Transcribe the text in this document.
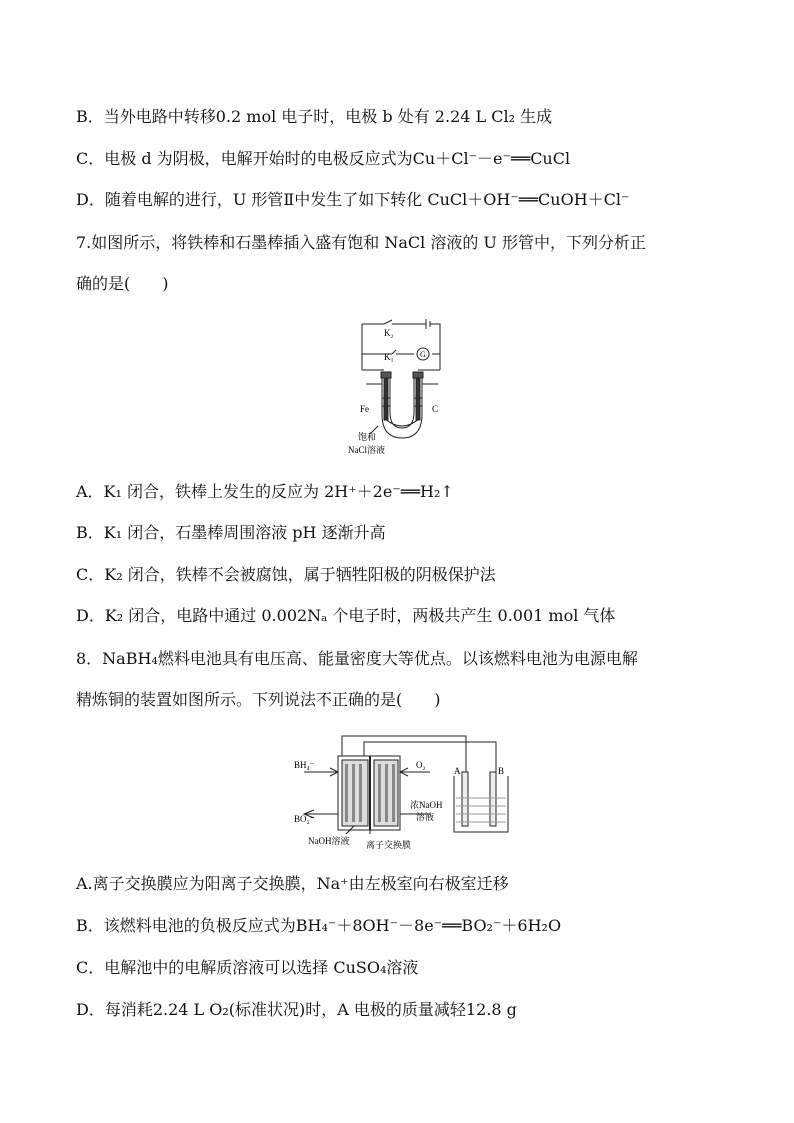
B．当外电路中转移0.2 mol 电子时，电极 b 处有 2.24 L Cl₂ 生成
C．电极 d 为阴极，电解开始时的电极反应式为Cu＋Cl⁻－e⁻══CuCl
D．随着电解的进行，U 形管Ⅱ中发生了如下转化 CuCl＋OH⁻══CuOH＋Cl⁻
7.如图所示，将铁棒和石墨棒插入盛有饱和 NaCl 溶液的 U 形管中，下列分析正
确的是(　　)
K₂
K₁	G
Fe	C
饱和
NaCl溶液
A．K₁ 闭合，铁棒上发生的反应为 2H⁺＋2e⁻══H₂↑
B．K₁ 闭合，石墨棒周围溶液 pH 逐渐升高
C．K₂ 闭合，铁棒不会被腐蚀，属于牺牲阳极的阴极保护法
D．K₂ 闭合，电路中通过 0.002Nₐ 个电子时，两极共产生 0.001 mol 气体
8．NaBH₄燃料电池具有电压高、能量密度大等优点。以该燃料电池为电源电解
精炼铜的装置如图所示。下列说法不正确的是(　　)
BH₄⁻
BO₂⁻
O₂
浓NaOH
溶液
NaOH溶液 离子交换膜
A	B
A.离子交换膜应为阳离子交换膜，Na⁺由左极室向右极室迁移
B．该燃料电池的负极反应式为BH₄⁻＋8OH⁻－8e⁻══BO₂⁻＋6H₂O
C．电解池中的电解质溶液可以选择 CuSO₄溶液
D．每消耗2.24 L O₂(标准状况)时，A 电极的质量减轻12.8 g
